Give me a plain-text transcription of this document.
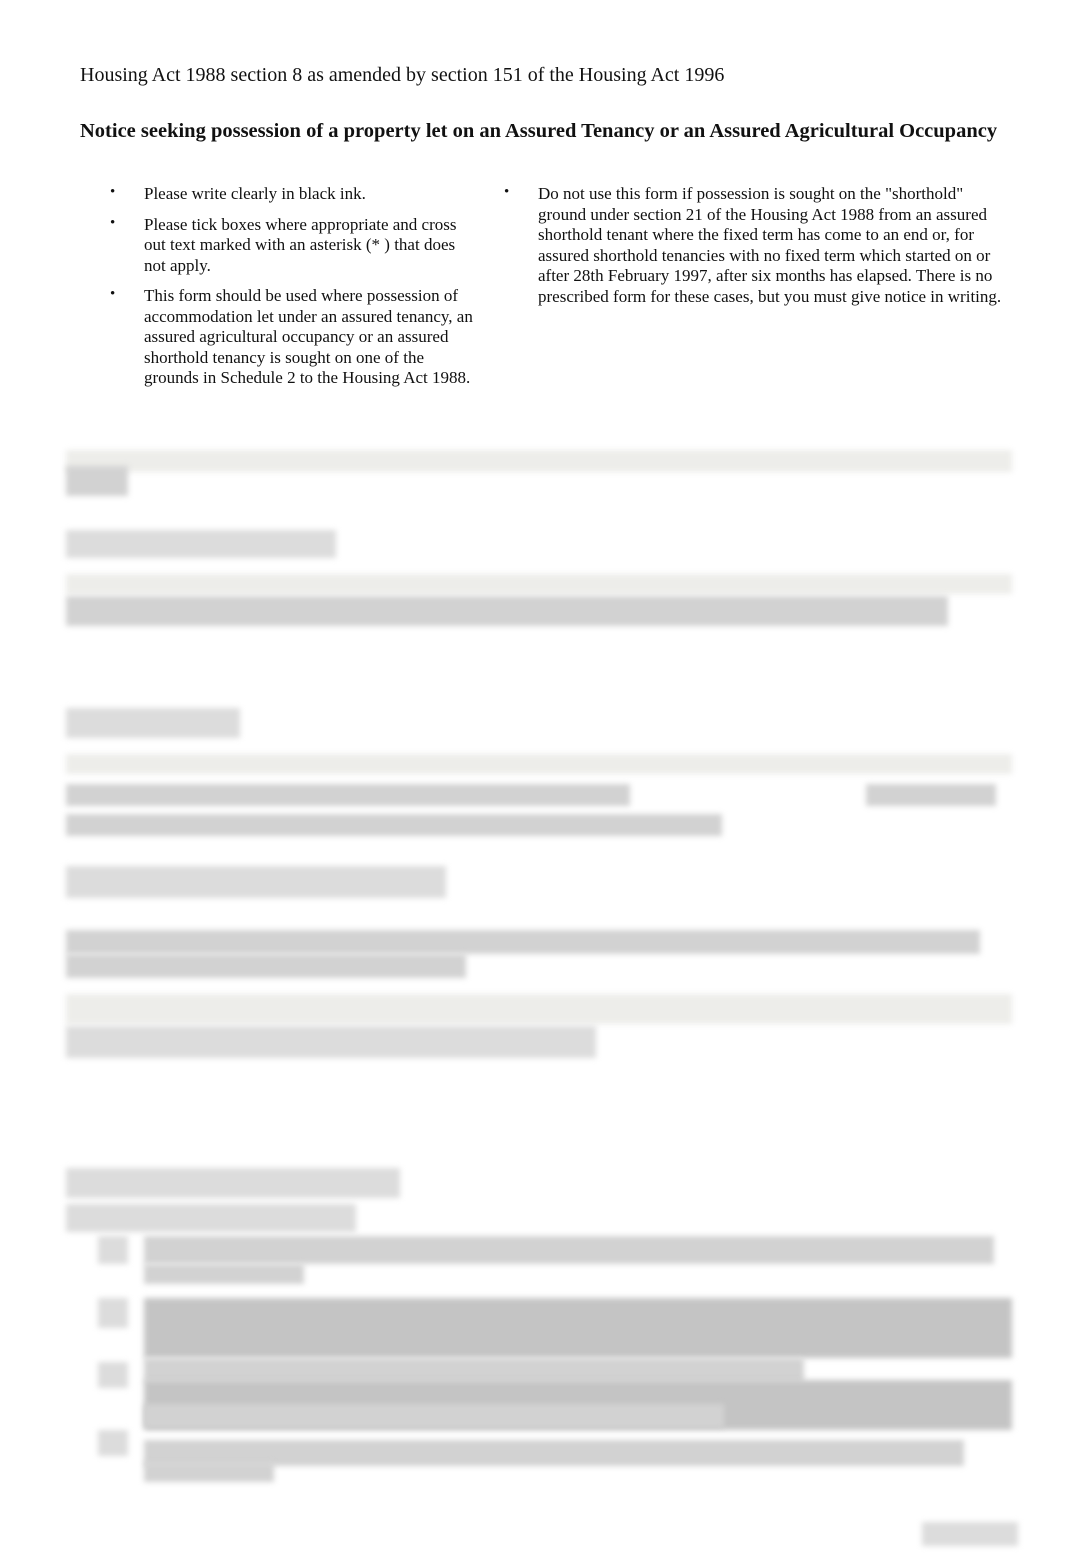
Housing Act 1988 section 8 as amended by section 151 of the Housing Act 1996

Notice seeking possession of a property let on an Assured Tenancy or an Assured Agricultural Occupancy
• Please write clearly in black ink.
• Please tick boxes where appropriate and cross out text marked with an asterisk (* ) that does not apply.
• This form should be used where possession of accommodation let under an assured tenancy, an assured agricultural occupancy or an assured shorthold tenancy is sought on one of the grounds in Schedule 2 to the Housing Act 1988.
• Do not use this form if possession is sought on the "shorthold" ground under section 21 of the Housing Act 1988 from an assured shorthold tenant where the fixed term has come to an end or, for assured shorthold tenancies with no fixed term which started on or after 28th February 1997, after six months has elapsed. There is no prescribed form for these cases, but you must give notice in writing.
